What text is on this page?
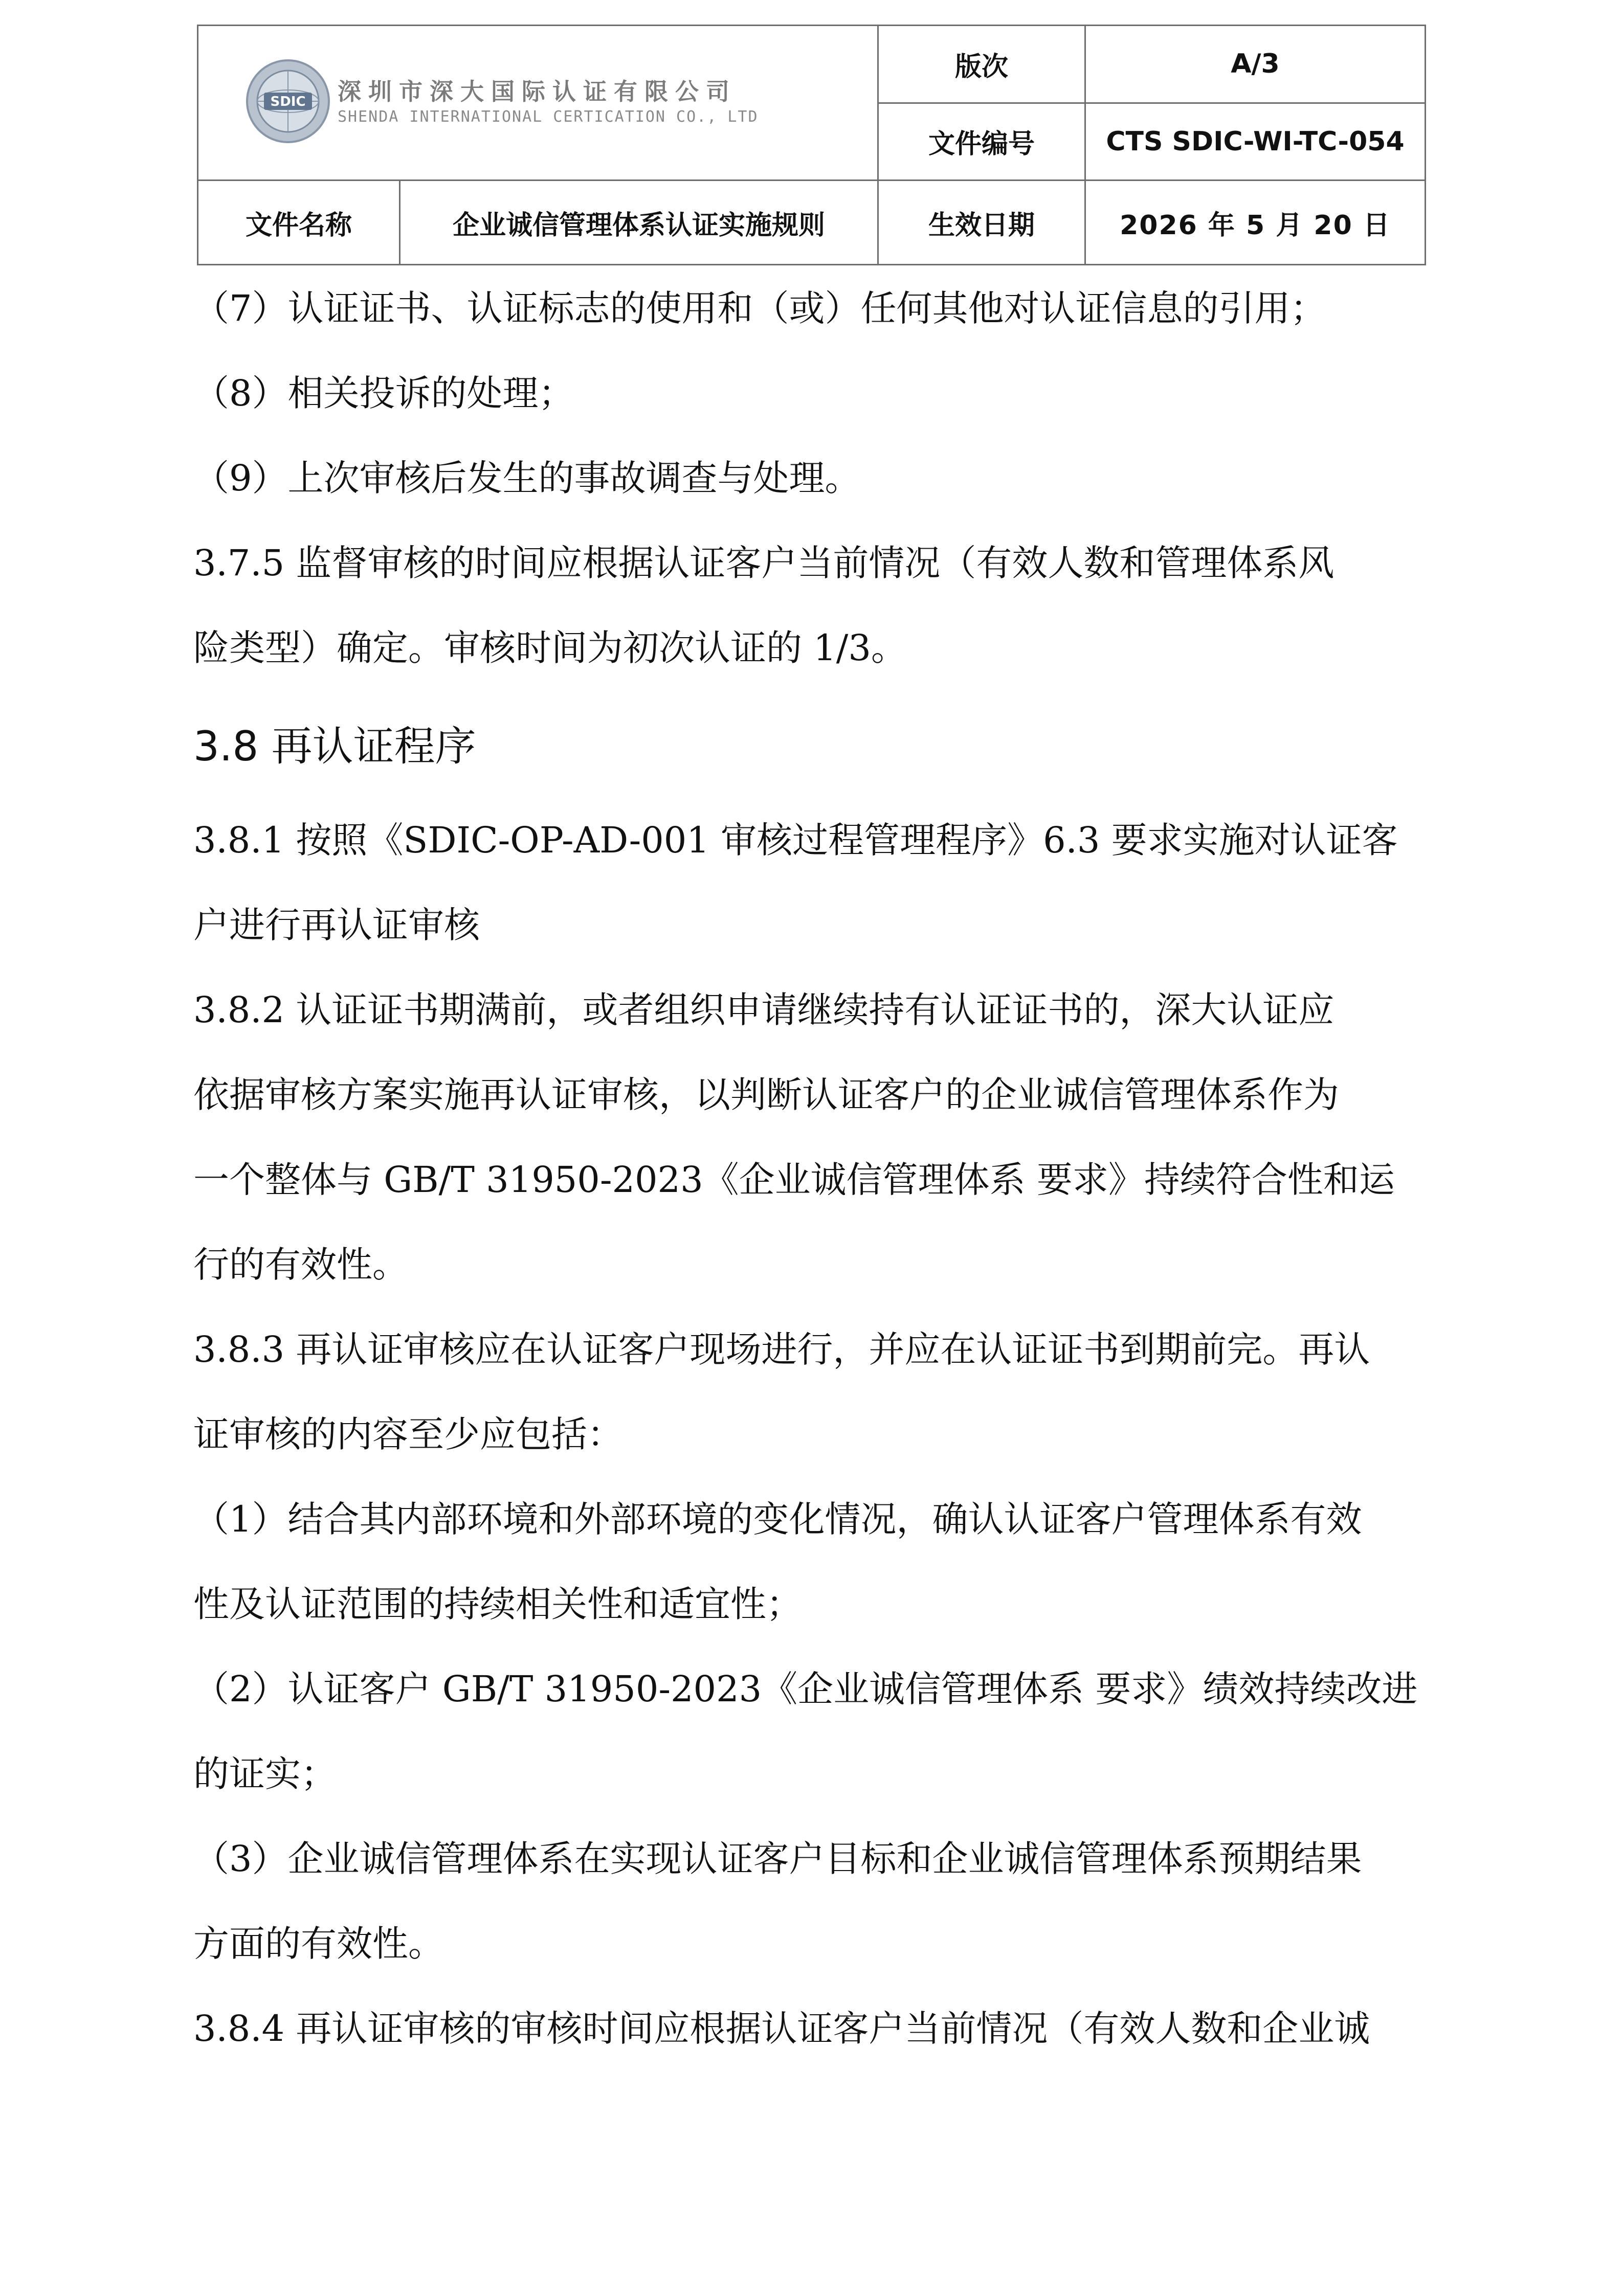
SDIC 深圳市深大国际认证有限公司
SHENDA INTERNATIONAL CERTICATION CO., LTD		版次	A/3
		文件编号	CTS SDIC-WI-TC-054
文件名称	企业诚信管理体系认证实施规则	生效日期	2026 年 5 月 20 日

（7）认证证书、认证标志的使用和（或）任何其他对认证信息的引用；

（8）相关投诉的处理；

（9）上次审核后发生的事故调查与处理。

3.7.5 监督审核的时间应根据认证客户当前情况（有效人数和管理体系风
险类型）确定。审核时间为初次认证的 1/3。

3.8 再认证程序

3.8.1 按照《SDIC-OP-AD-001 审核过程管理程序》6.3 要求实施对认证客
户进行再认证审核

3.8.2 认证证书期满前，或者组织申请继续持有认证证书的，深大认证应
依据审核方案实施再认证审核，以判断认证客户的企业诚信管理体系作为
一个整体与 GB/T 31950-2023《企业诚信管理体系 要求》持续符合性和运
行的有效性。

3.8.3 再认证审核应在认证客户现场进行，并应在认证证书到期前完。再认
证审核的内容至少应包括：

（1）结合其内部环境和外部环境的变化情况，确认认证客户管理体系有效
性及认证范围的持续相关性和适宜性；

（2）认证客户 GB/T 31950-2023《企业诚信管理体系 要求》绩效持续改进
的证实；

（3）企业诚信管理体系在实现认证客户目标和企业诚信管理体系预期结果
方面的有效性。

3.8.4 再认证审核的审核时间应根据认证客户当前情况（有效人数和企业诚
